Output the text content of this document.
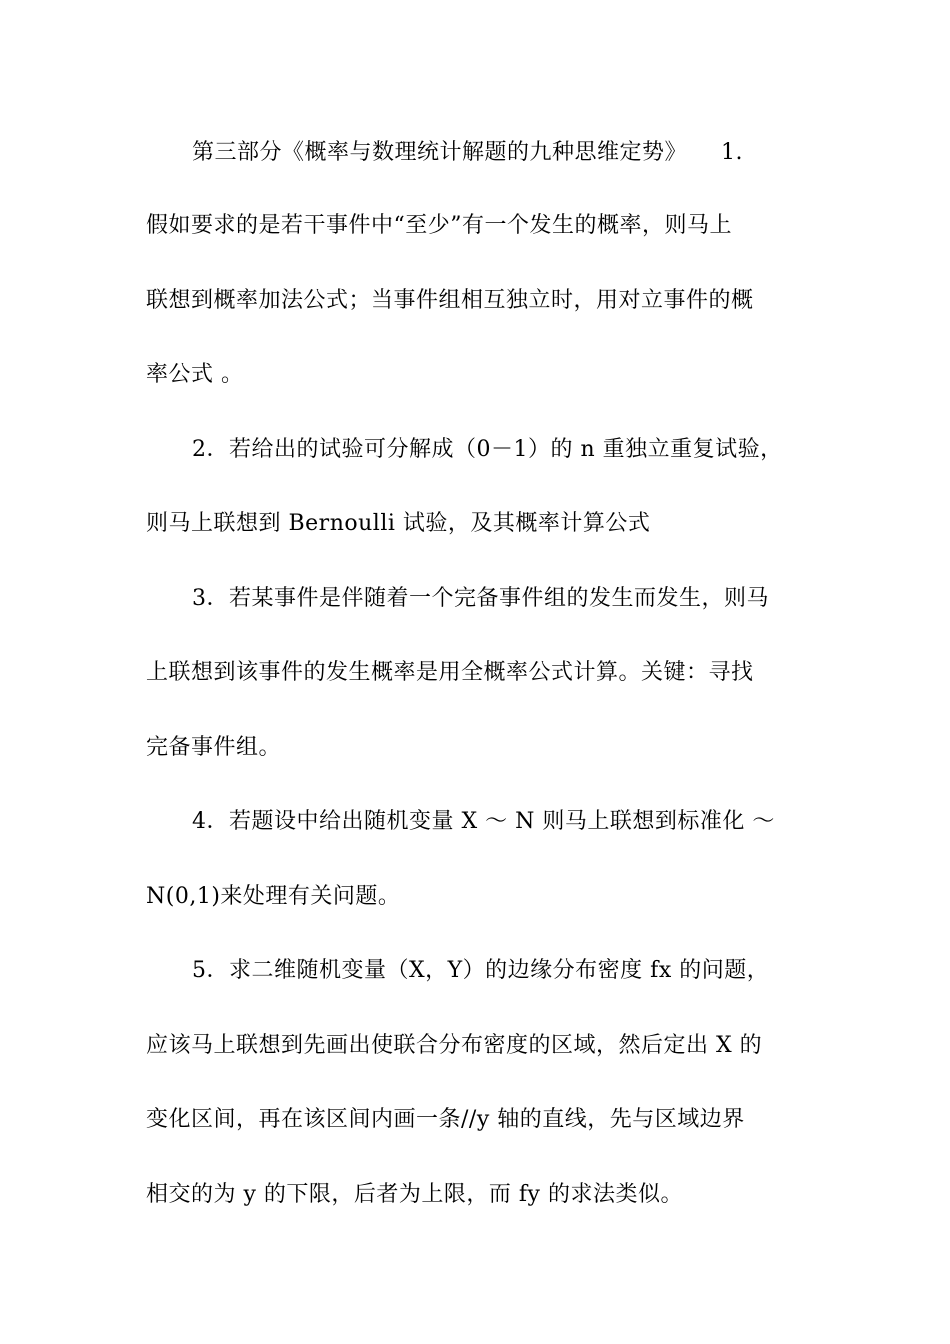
第三部分《概率与数理统计解题的九种思维定势》　　1.
假如要求的是若干事件中“至少”有一个发生的概率，则马上
联想到概率加法公式；当事件组相互独立时，用对立事件的概
率公式 。
2．若给出的试验可分解成（0－1）的 n 重独立重复试验，
则马上联想到 Bernoulli 试验，及其概率计算公式
3．若某事件是伴随着一个完备事件组的发生而发生，则马
上联想到该事件的发生概率是用全概率公式计算。关键：寻找
完备事件组。
4．若题设中给出随机变量 X ～ N 则马上联想到标准化 ～
N(0,1)来处理有关问题。
5．求二维随机变量（X，Y）的边缘分布密度 fx 的问题，
应该马上联想到先画出使联合分布密度的区域，然后定出 X 的
变化区间，再在该区间内画一条//y 轴的直线，先与区域边界
相交的为 y 的下限，后者为上限，而 fy 的求法类似。
